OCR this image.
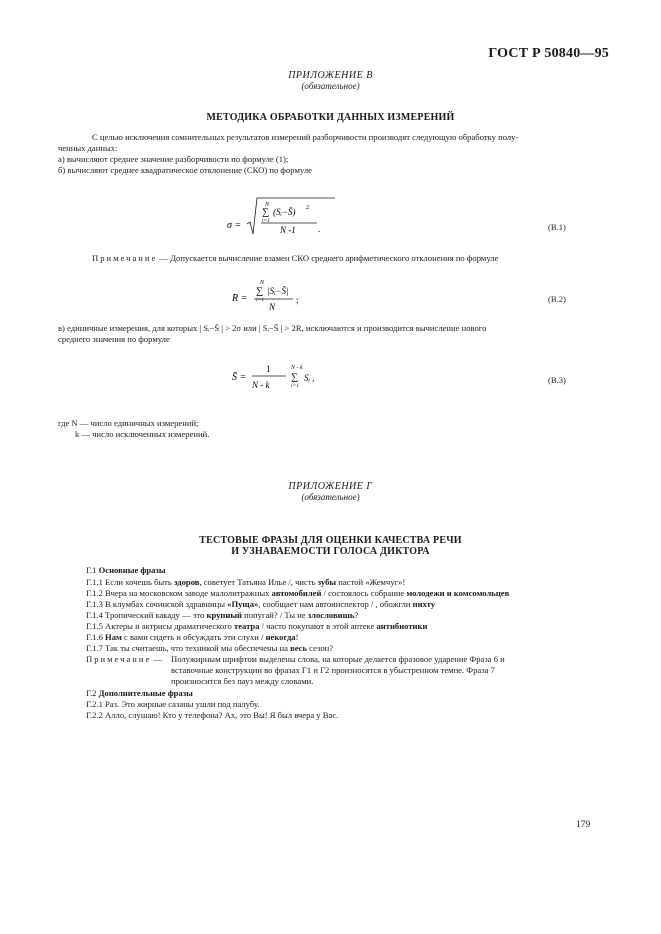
ГОСТ Р 50840—95
ПРИЛОЖЕНИЕ В
(обязательное)
МЕТОДИКА ОБРАБОТКИ ДАННЫХ ИЗМЕРЕНИЙ
С целью исключения сомнительных результатов измерений разборчивости производят следующую обработку полу-
ченных данных:
а) вычисляют среднее значение разборчивости по формуле (1);
б) вычисляют среднее квадратическое отклонение (СКО) по формуле
σ =
N
∑
i=1
(Sᵢ−S̄) 2
N -1 .	(В.1)
Примечание — Допускается вычисление взамен СКО среднего арифметического отклонения по формуле
R =
N
∑
i=1
|Sᵢ−S̄|
N
;	(В.2)
в) единичные измерения, для которых | Sᵢ−S̄ | > 2σ или | Sᵢ−S̄ | > 2R, исключаются и производится вычисление нового
среднего значения по формуле
S̄ =
1
N - k
N - k
∑
i=1
Sᵢ ,	(В.3)
где N — число единичных измерений;
k — число исключенных измерений.
ПРИЛОЖЕНИЕ Г
(обязательное)
ТЕСТОВЫЕ ФРАЗЫ ДЛЯ ОЦЕНКИ КАЧЕСТВА РЕЧИ
И УЗНАВАЕМОСТИ ГОЛОСА ДИКТОРА
Г.1 Основные фразы
Г.1.1 Если хочешь быть здоров, советует Татьяна Илье /, чисть зубы пастой «Жемчуг»!
Г.1.2 Вчера на московском заводе малолитражных автомобилей / состоялось собрание молодежи и комсомольцев
Г.1.3 В клумбах сочинской здравницы «Пуща», сообщает нам автоинспектор / , обожгли пихту
Г.1.4 Тропический какаду — это крупный попугай? / Ты не злословишь?
Г.1.5 Актеры и актрисы драматического театра / часто покупают в этой аптеке антибиотики
Г.1.6 Нам с вами сидеть и обсуждать эти слухи / некогда!
Г.1.7 Так ты считаешь, что техникой мы обеспечены на весь сезон?
Примечание — Полужирным шрифтом выделены слова, на которые делается фразовое ударение Фраза 6 и
вставочные конструкции во фразах Г1 и Г2 произносятся в убыстренном темпе. Фраза 7
произносится без пауз между словами.
Г.2 Дополнительные фразы
Г.2.1 Раз. Это жирные сазаны ушли под палубу.
Г.2.2 Алло, слушаю! Кто у телефона? Ах, это Вы! Я был вчера у Вас.
179
